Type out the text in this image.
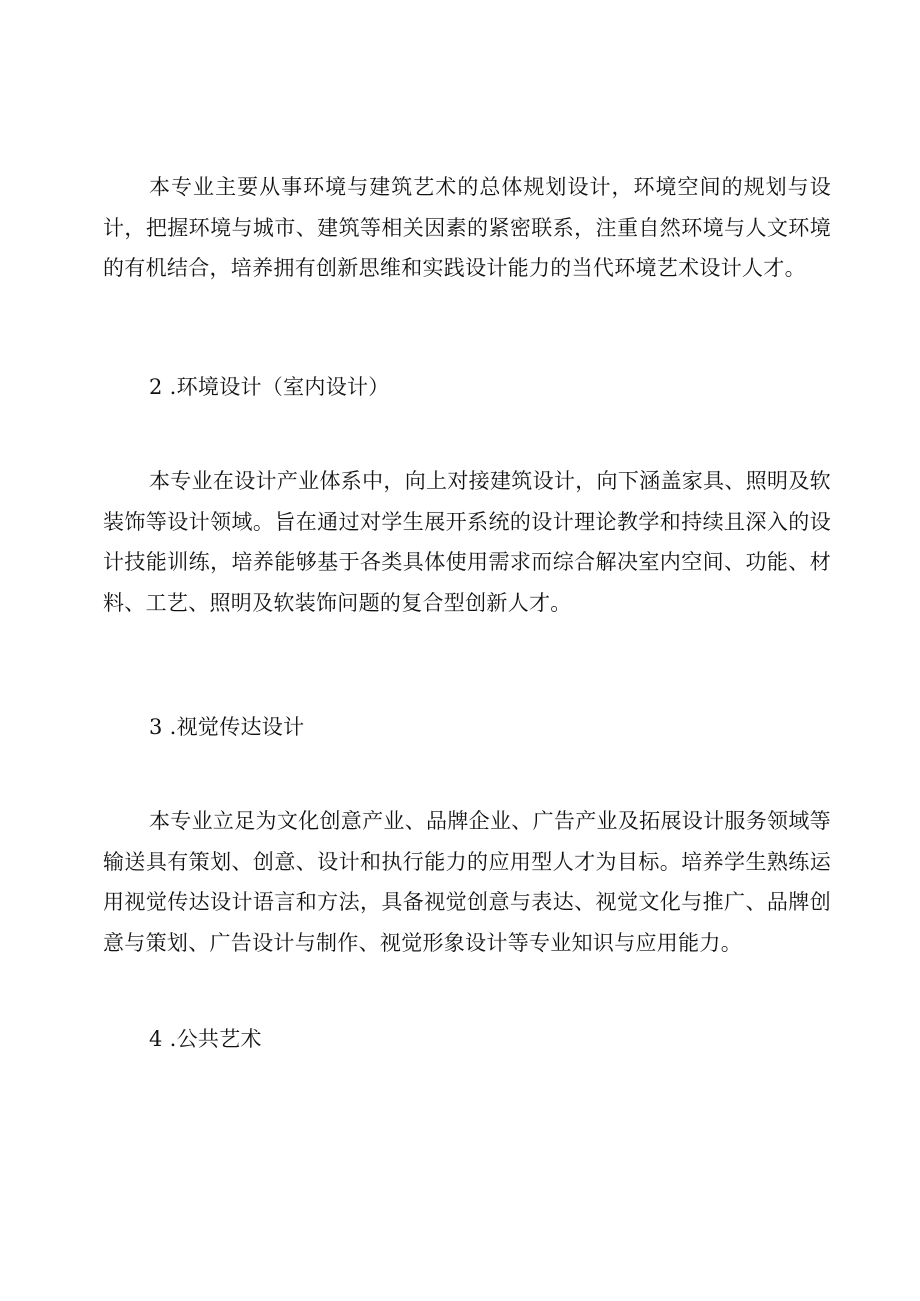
本专业主要从事环境与建筑艺术的总体规划设计，环境空间的规划与设计，把握环境与城市、建筑等相关因素的紧密联系，注重自然环境与人文环境的有机结合，培养拥有创新思维和实践设计能力的当代环境艺术设计人才。

2 .环境设计（室内设计）

本专业在设计产业体系中，向上对接建筑设计，向下涵盖家具、照明及软装饰等设计领域。旨在通过对学生展开系统的设计理论教学和持续且深入的设计技能训练，培养能够基于各类具体使用需求而综合解决室内空间、功能、材料、工艺、照明及软装饰问题的复合型创新人才。

3 .视觉传达设计

本专业立足为文化创意产业、品牌企业、广告产业及拓展设计服务领域等输送具有策划、创意、设计和执行能力的应用型人才为目标。培养学生熟练运用视觉传达设计语言和方法，具备视觉创意与表达、视觉文化与推广、品牌创意与策划、广告设计与制作、视觉形象设计等专业知识与应用能力。

4 .公共艺术
